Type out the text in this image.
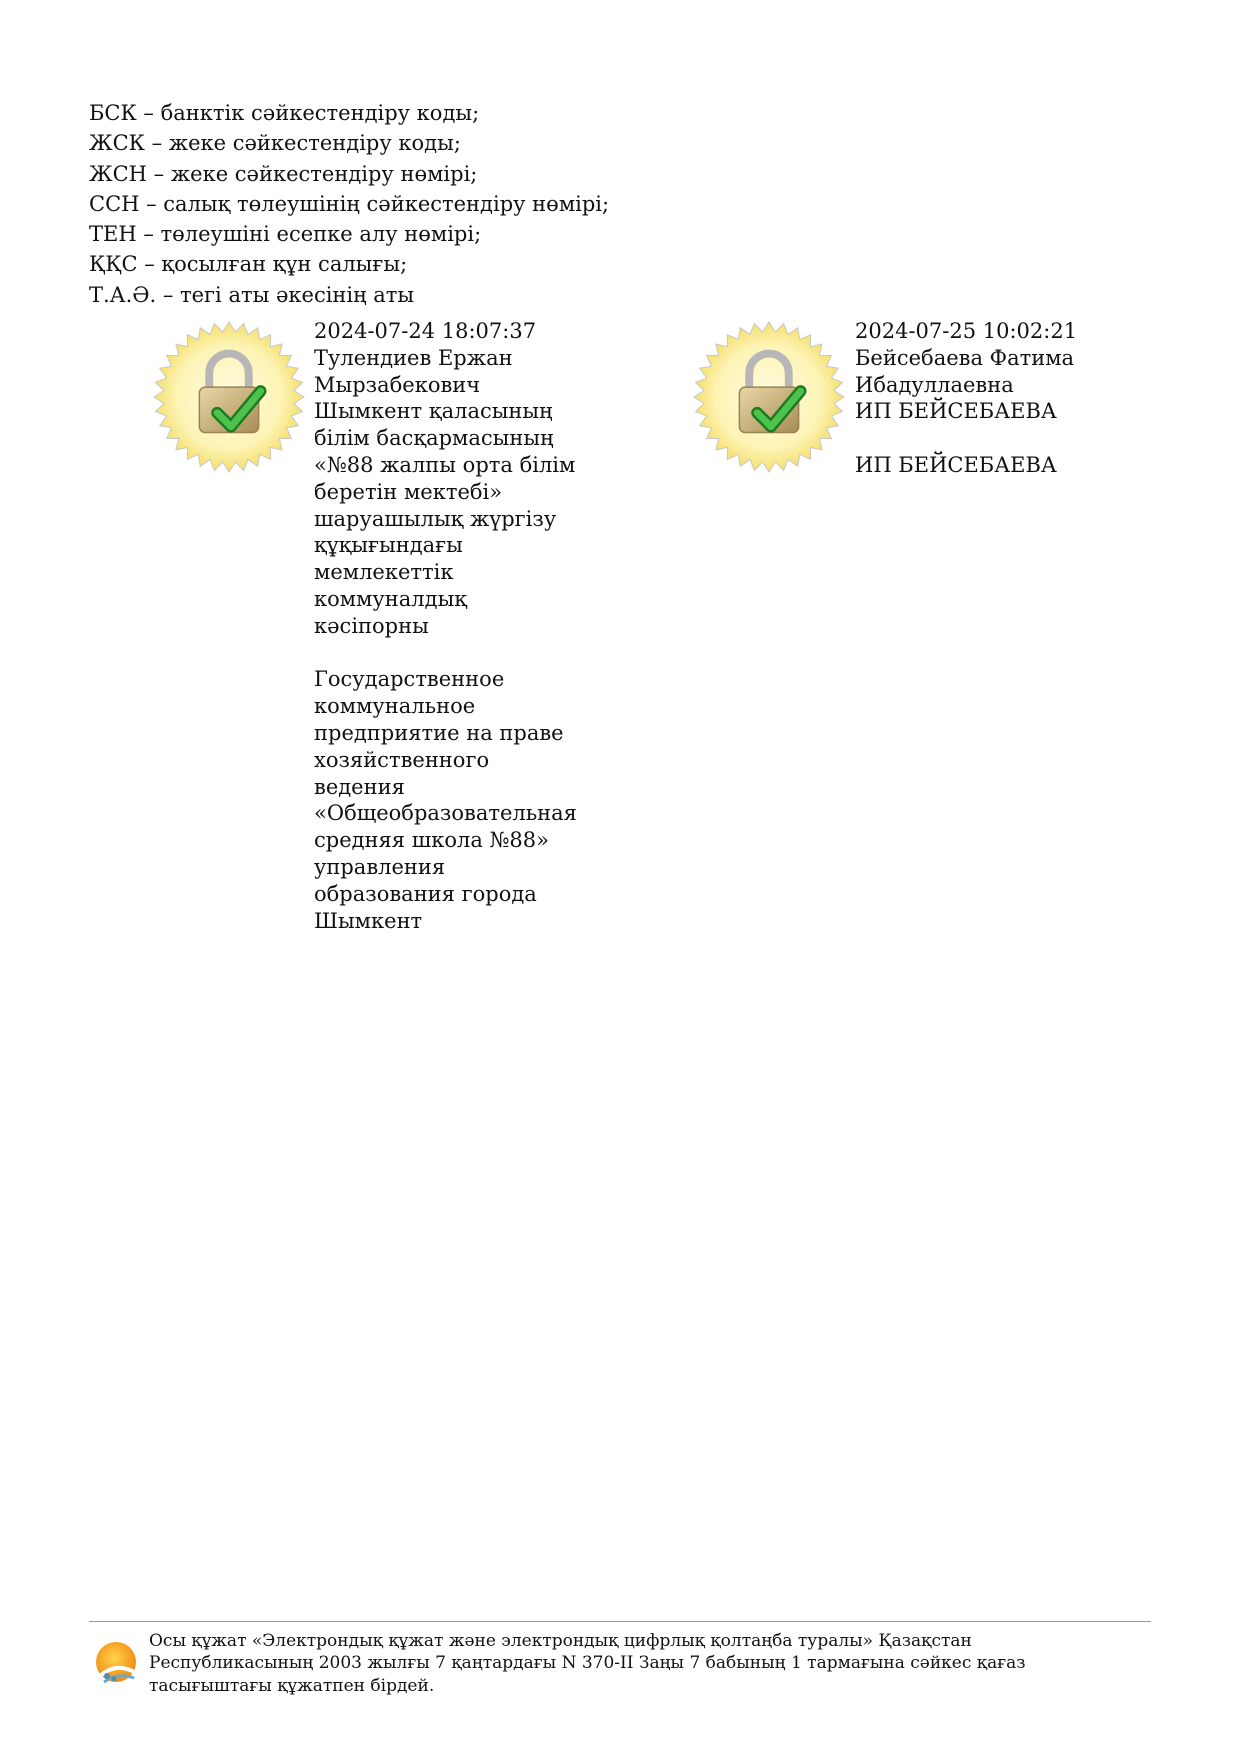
БСК – банктік сәйкестендіру коды;
ЖСК – жеке сәйкестендіру коды;
ЖСН – жеке сәйкестендіру нөмірі;
ССН – салық төлеушінің сәйкестендіру нөмірі;
ТЕН – төлеушіні есепке алу нөмірі;
ҚҚС – қосылған құн салығы;
Т.А.Ә. – тегі аты әкесінің аты
2024-07-24 18:07:37
Тулендиев Ержан
Мырзабекович
Шымкент қаласының
білім басқармасының
«№88 жалпы орта білім
беретін мектебі»
шаруашылық жүргізу
құқығындағы
мемлекеттік
коммуналдық
кәсіпорны
Государственное
коммунальное
предприятие на праве
хозяйственного
ведения
«Общеобразовательная
средняя школа №88»
управления
образования города
Шымкент
2024-07-25 10:02:21
Бейсебаева Фатима
Ибадуллаевна
ИП БЕЙСЕБАЕВА
ИП БЕЙСЕБАЕВА
Осы құжат «Электрондық құжат және электрондық цифрлық қолтаңба туралы» Қазақстан
Республикасының 2003 жылғы 7 қаңтардағы N 370-II Заңы 7 бабының 1 тармағына сәйкес қағаз
тасығыштағы құжатпен бірдей.
